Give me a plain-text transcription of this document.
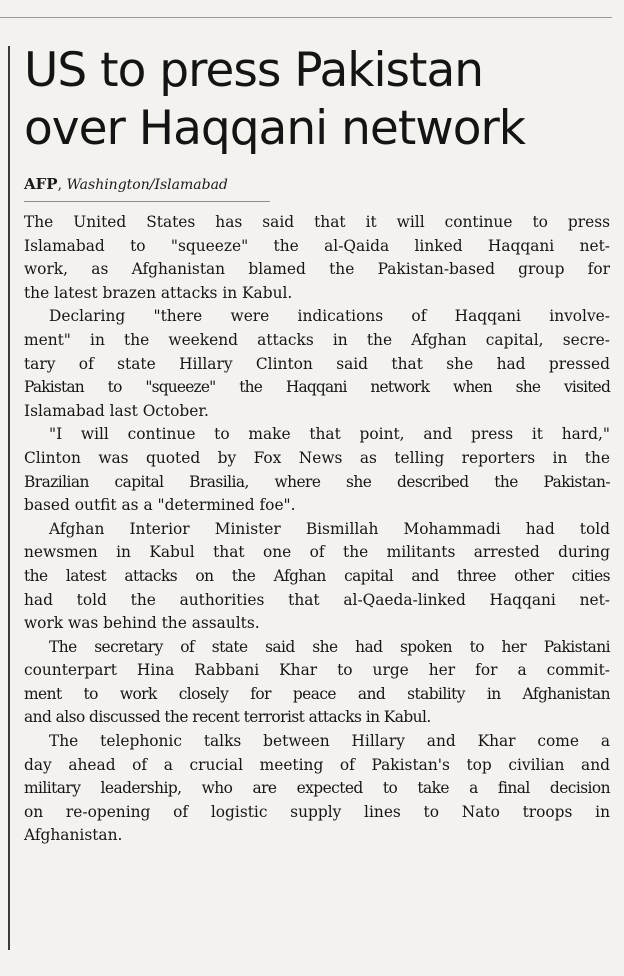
US to press Pakistan
over Haqqani network
AFP, Washington/Islamabad
The United States has said that it will continue to press
Islamabad to "squeeze" the al-Qaida linked Haqqani net-
work, as Afghanistan blamed the Pakistan-based group for
the latest brazen attacks in Kabul.
Declaring "there were indications of Haqqani involve-
ment" in the weekend attacks in the Afghan capital, secre-
tary of state Hillary Clinton said that she had pressed
Pakistan to "squeeze" the Haqqani network when she visited
Islamabad last October.
"I will continue to make that point, and press it hard,"
Clinton was quoted by Fox News as telling reporters in the
Brazilian capital Brasilia, where she described the Pakistan-
based outfit as a "determined foe".
Afghan Interior Minister Bismillah Mohammadi had told
newsmen in Kabul that one of the militants arrested during
the latest attacks on the Afghan capital and three other cities
had told the authorities that al-Qaeda-linked Haqqani net-
work was behind the assaults.
The secretary of state said she had spoken to her Pakistani
counterpart Hina Rabbani Khar to urge her for a commit-
ment to work closely for peace and stability in Afghanistan
and also discussed the recent terrorist attacks in Kabul.
The telephonic talks between Hillary and Khar come a
day ahead of a crucial meeting of Pakistan's top civilian and
military leadership, who are expected to take a final decision
on re-opening of logistic supply lines to Nato troops in
Afghanistan.
